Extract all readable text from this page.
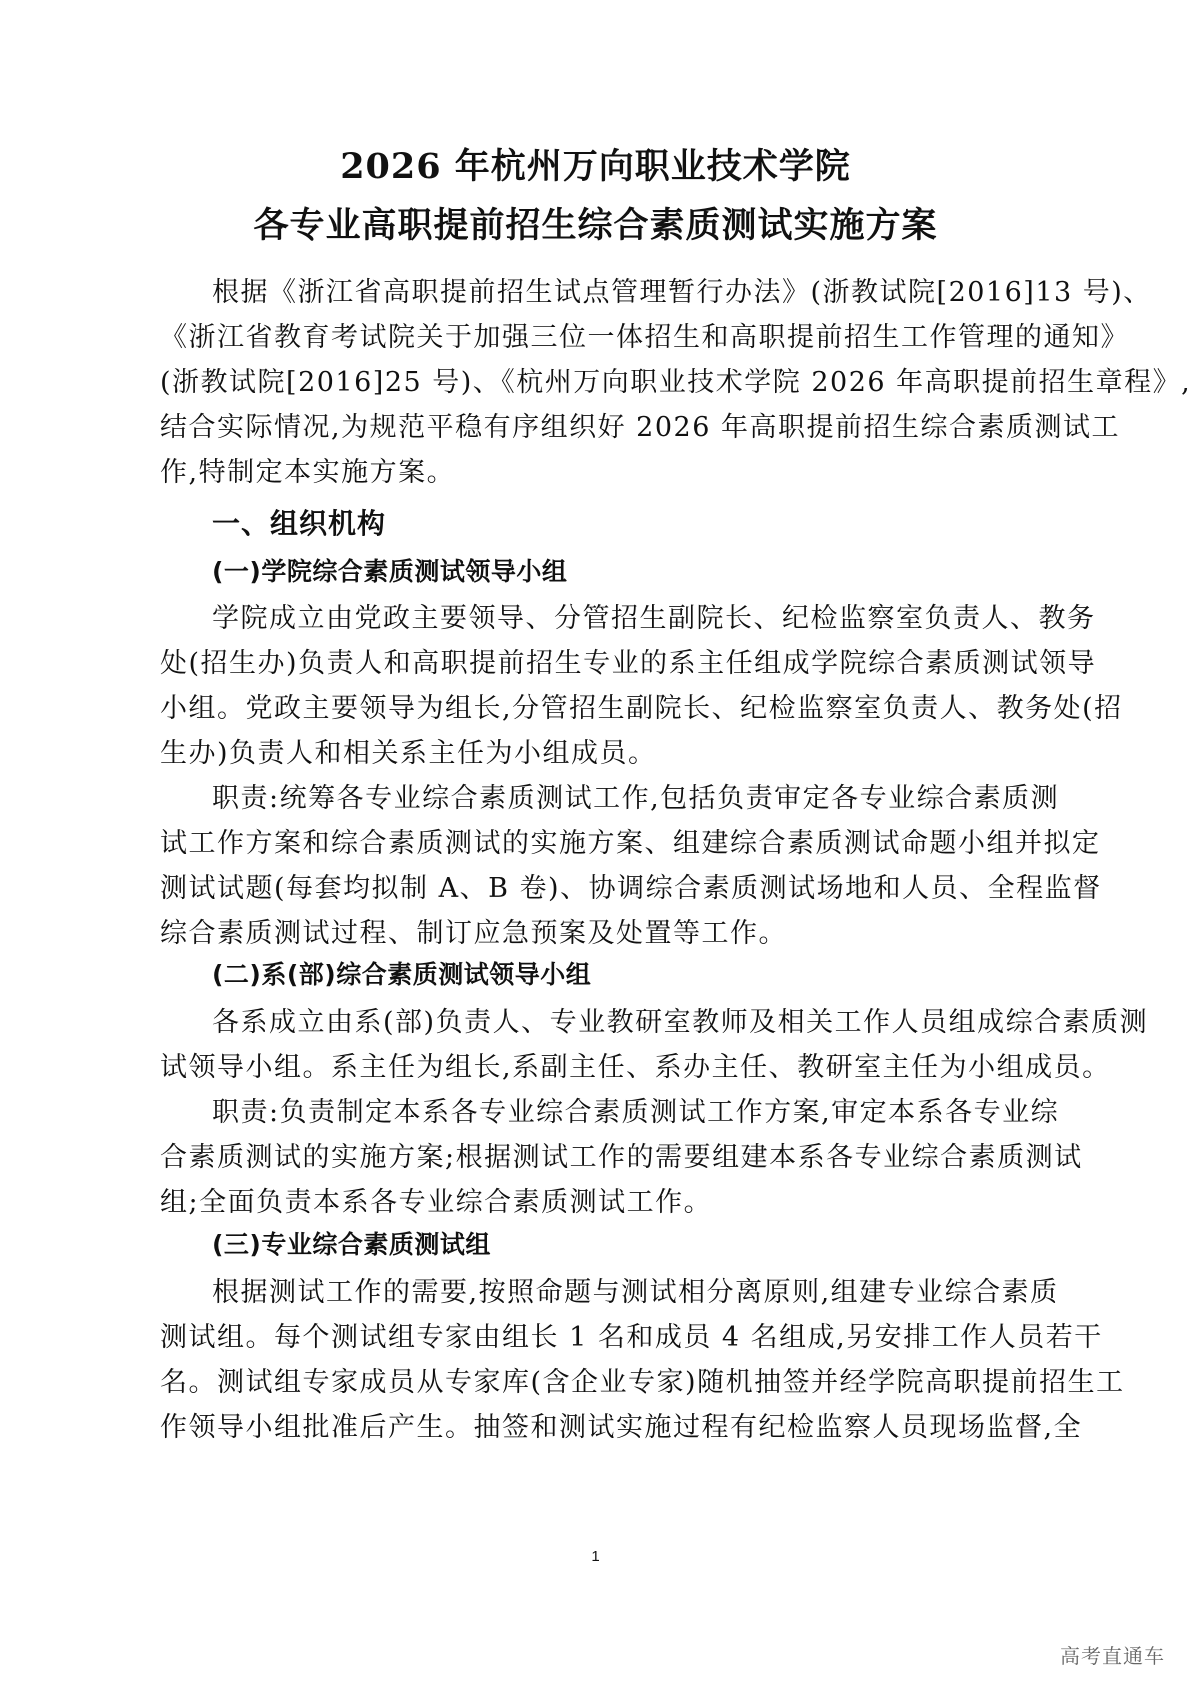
2026 年杭州万向职业技术学院
各专业高职提前招生综合素质测试实施方案
根据《浙江省高职提前招生试点管理暂行办法》(浙教试院[2016]13 号)、
《浙江省教育考试院关于加强三位一体招生和高职提前招生工作管理的通知》
(浙教试院[2016]25 号)、《杭州万向职业技术学院 2026 年高职提前招生章程》,
结合实际情况,为规范平稳有序组织好 2026 年高职提前招生综合素质测试工
作,特制定本实施方案。
一、组织机构
(一)学院综合素质测试领导小组
学院成立由党政主要领导、分管招生副院长、纪检监察室负责人、教务
处(招生办)负责人和高职提前招生专业的系主任组成学院综合素质测试领导
小组。党政主要领导为组长,分管招生副院长、纪检监察室负责人、教务处(招
生办)负责人和相关系主任为小组成员。
职责:统筹各专业综合素质测试工作,包括负责审定各专业综合素质测
试工作方案和综合素质测试的实施方案、组建综合素质测试命题小组并拟定
测试试题(每套均拟制 A、B 卷)、协调综合素质测试场地和人员、全程监督
综合素质测试过程、制订应急预案及处置等工作。
(二)系(部)综合素质测试领导小组
各系成立由系(部)负责人、专业教研室教师及相关工作人员组成综合素质测
试领导小组。系主任为组长,系副主任、系办主任、教研室主任为小组成员。
职责:负责制定本系各专业综合素质测试工作方案,审定本系各专业综
合素质测试的实施方案;根据测试工作的需要组建本系各专业综合素质测试
组;全面负责本系各专业综合素质测试工作。
(三)专业综合素质测试组
根据测试工作的需要,按照命题与测试相分离原则,组建专业综合素质
测试组。每个测试组专家由组长 1 名和成员 4 名组成,另安排工作人员若干
名。测试组专家成员从专家库(含企业专家)随机抽签并经学院高职提前招生工
作领导小组批准后产生。抽签和测试实施过程有纪检监察人员现场监督,全
1
高考直通车
